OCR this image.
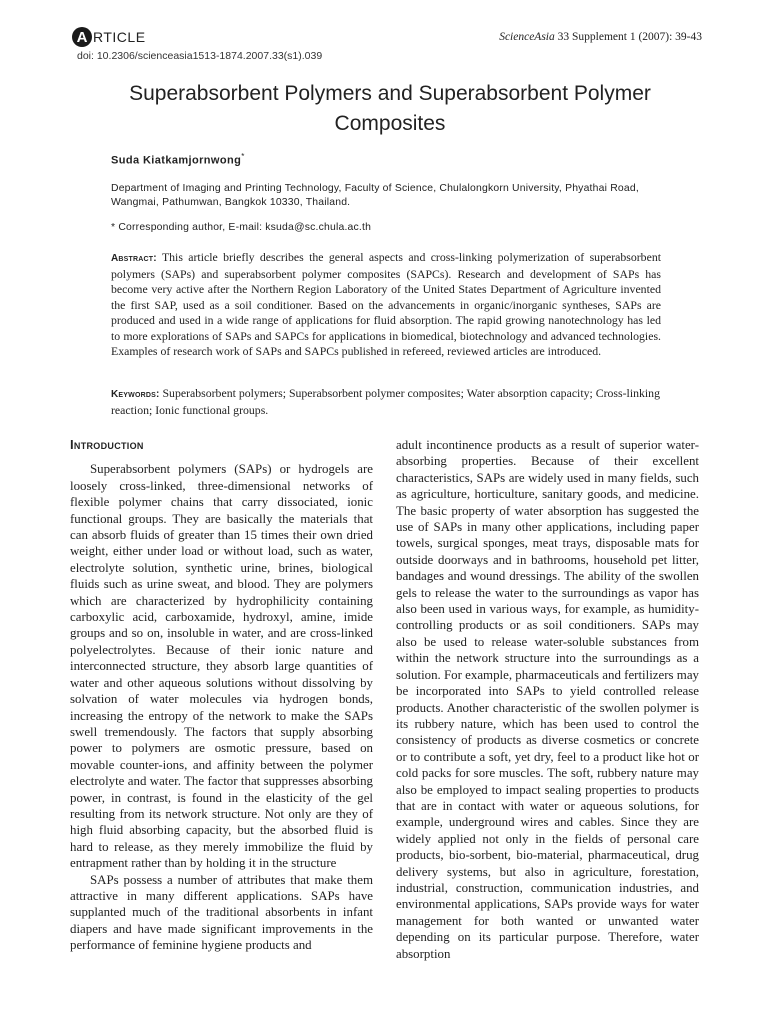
A RTICLE
doi: 10.2306/scienceasia1513-1874.2007.33(s1).039
ScienceAsia 33 Supplement 1 (2007): 39-43
Superabsorbent Polymers and Superabsorbent Polymer Composites
Suda Kiatkamjornwong*
Department of Imaging and Printing Technology, Faculty of Science, Chulalongkorn University, Phyathai Road, Wangmai, Pathumwan, Bangkok 10330, Thailand.
* Corresponding author, E-mail: ksuda@sc.chula.ac.th
Abstract: This article briefly describes the general aspects and cross-linking polymerization of superabsorbent polymers (SAPs) and superabsorbent polymer composites (SAPCs). Research and development of SAPs has become very active after the Northern Region Laboratory of the United States Department of Agriculture invented the first SAP, used as a soil conditioner. Based on the advancements in organic/inorganic syntheses, SAPs are produced and used in a wide range of applications for fluid absorption. The rapid growing nanotechnology has led to more explorations of SAPs and SAPCs for applications in biomedical, biotechnology and advanced technologies. Examples of research work of SAPs and SAPCs published in refereed, reviewed articles are introduced.
Keywords: Superabsorbent polymers; Superabsorbent polymer composites; Water absorption capacity; Cross-linking reaction; Ionic functional groups.
Introduction

Superabsorbent polymers (SAPs) or hydrogels are loosely cross-linked, three-dimensional networks of flexible polymer chains that carry dissociated, ionic functional groups. They are basically the materials that can absorb fluids of greater than 15 times their own dried weight, either under load or without load, such as water, electrolyte solution, synthetic urine, brines, biological fluids such as urine sweat, and blood. They are polymers which are characterized by hydrophilicity containing carboxylic acid, carboxamide, hydroxyl, amine, imide groups and so on, insoluble in water, and are cross-linked polyelectrolytes. Because of their ionic nature and interconnected structure, they absorb large quantities of water and other aqueous solutions without dissolving by solvation of water molecules via hydrogen bonds, increasing the entropy of the network to make the SAPs swell tremendously. The factors that supply absorbing power to polymers are osmotic pressure, based on movable counter-ions, and affinity between the polymer electrolyte and water. The factor that suppresses absorbing power, in contrast, is found in the elasticity of the gel resulting from its network structure. Not only are they of high fluid absorbing capacity, but the absorbed fluid is hard to release, as they merely immobilize the fluid by entrapment rather than by holding it in the structure

SAPs possess a number of attributes that make them attractive in many different applications. SAPs have supplanted much of the traditional absorbents in infant diapers and have made significant improvements in the performance of feminine hygiene products and

adult incontinence products as a result of superior water-absorbing properties. Because of their excellent characteristics, SAPs are widely used in many fields, such as agriculture, horticulture, sanitary goods, and medicine. The basic property of water absorption has suggested the use of SAPs in many other applications, including paper towels, surgical sponges, meat trays, disposable mats for outside doorways and in bathrooms, household pet litter, bandages and wound dressings. The ability of the swollen gels to release the water to the surroundings as vapor has also been used in various ways, for example, as humidity-controlling products or as soil conditioners. SAPs may also be used to release water-soluble substances from within the network structure into the surroundings as a solution. For example, pharmaceuticals and fertilizers may be incorporated into SAPs to yield controlled release products. Another characteristic of the swollen polymer is its rubbery nature, which has been used to control the consistency of products as diverse cosmetics or concrete or to contribute a soft, yet dry, feel to a product like hot or cold packs for sore muscles. The soft, rubbery nature may also be employed to impact sealing properties to products that are in contact with water or aqueous solutions, for example, underground wires and cables. Since they are widely applied not only in the fields of personal care products, bio-sorbent, bio-material, pharmaceutical, drug delivery systems, but also in agriculture, forestation, industrial, construction, communication industries, and environmental applications, SAPs provide ways for water management for both wanted or unwanted water depending on its particular purpose. Therefore, water absorption
